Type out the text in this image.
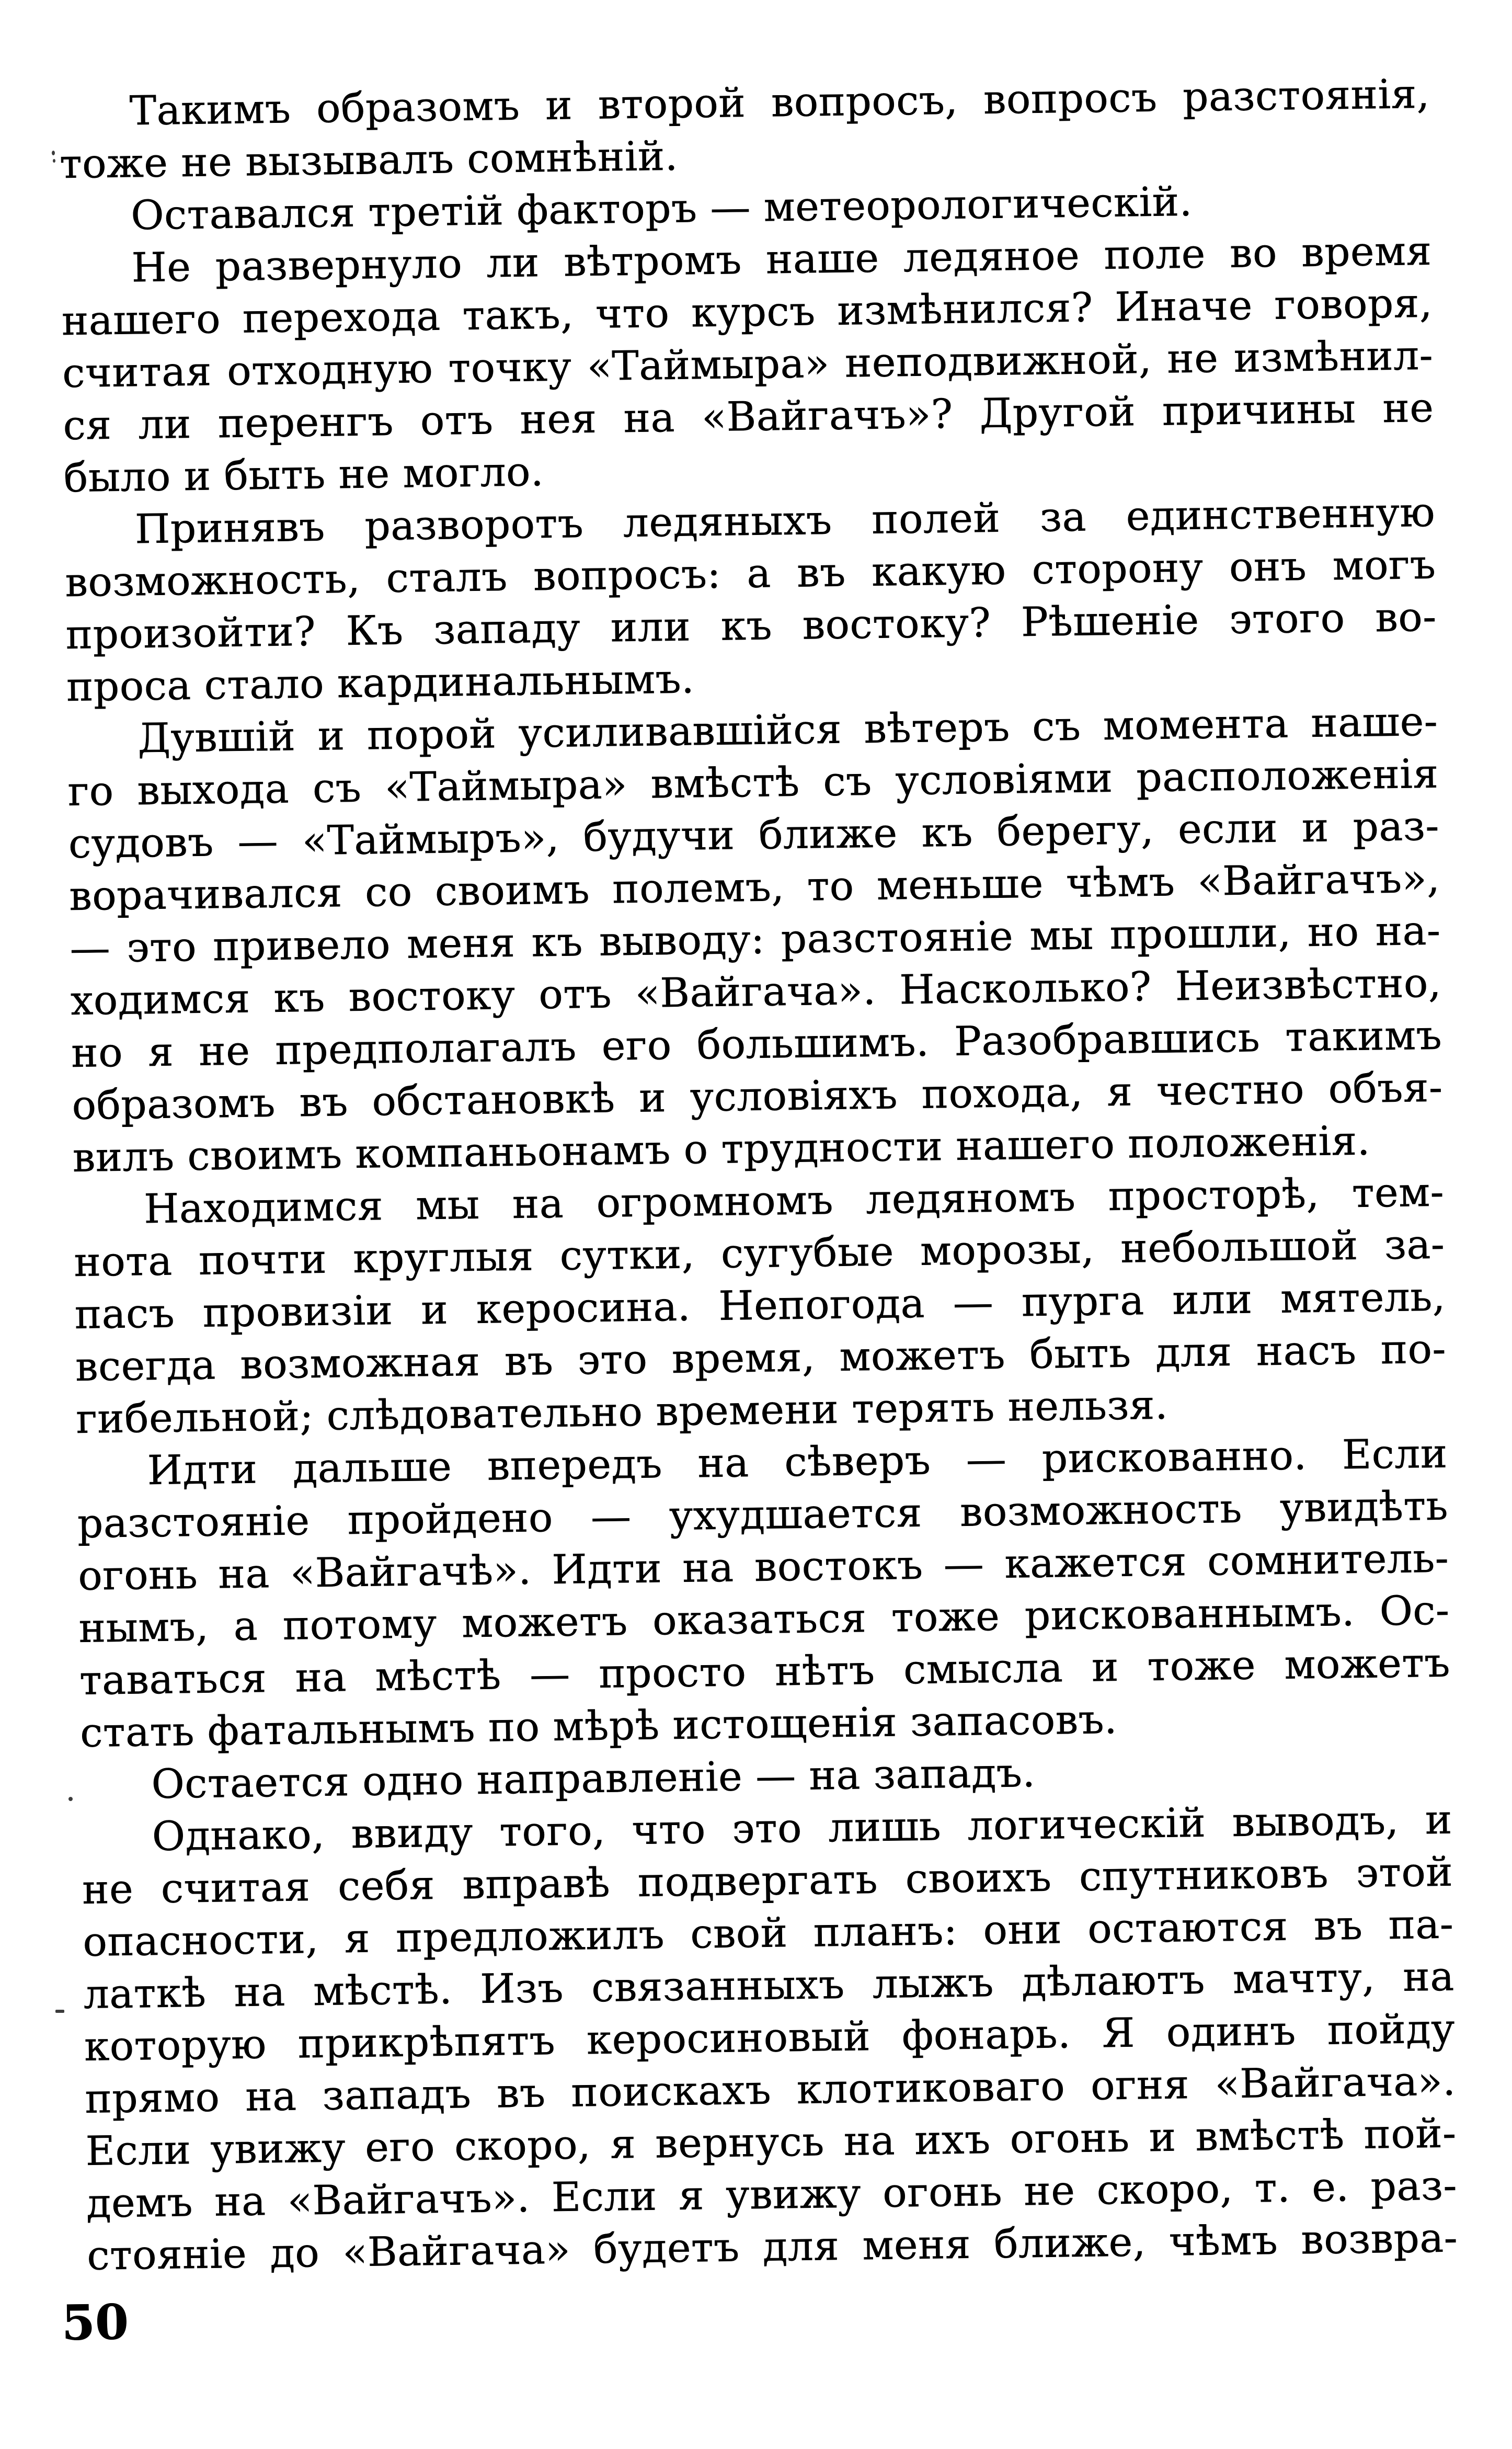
Такимъ образомъ и второй вопросъ, вопросъ разстоянія,
тоже не вызывалъ сомнѣній.
Оставался третій факторъ — метеорологическій.
Не развернуло ли вѣтромъ наше ледяное поле во время
нашего перехода такъ, что курсъ измѣнился? Иначе говоря,
считая отходную точку «Таймыра» неподвижной, не измѣнил-
ся ли перенгъ отъ нея на «Вайгачъ»? Другой причины не
было и быть не могло.
Принявъ разворотъ ледяныхъ полей за единственную
возможность, сталъ вопросъ: а въ какую сторону онъ могъ
произойти? Къ западу или къ востоку? Рѣшеніе этого во-
проса стало кардинальнымъ.
Дувшій и порой усиливавшійся вѣтеръ съ момента наше-
го выхода съ «Таймыра» вмѣстѣ съ условіями расположенія
судовъ — «Таймыръ», будучи ближе къ берегу, если и раз-
ворачивался со своимъ полемъ, то меньше чѣмъ «Вайгачъ»,
— это привело меня къ выводу: разстояніе мы прошли, но на-
ходимся къ востоку отъ «Вайгача». Насколько? Неизвѣстно,
но я не предполагалъ его большимъ. Разобравшись такимъ
образомъ въ обстановкѣ и условіяхъ похода, я честно объя-
вилъ своимъ компаньонамъ о трудности нашего положенія.
Находимся мы на огромномъ ледяномъ просторѣ, тем-
нота почти круглыя сутки, сугубые морозы, небольшой за-
пасъ провизіи и керосина. Непогода — пурга или мятель,
всегда возможная въ это время, можетъ быть для насъ по-
гибельной; слѣдовательно времени терять нельзя.
Идти дальше впередъ на сѣверъ — рискованно. Если
разстояніе пройдено — ухудшается возможность увидѣть
огонь на «Вайгачѣ». Идти на востокъ — кажется сомнитель-
нымъ, а потому можетъ оказаться тоже рискованнымъ. Ос-
таваться на мѣстѣ — просто нѣтъ смысла и тоже можетъ
стать фатальнымъ по мѣрѣ истощенія запасовъ.
Остается одно направленіе — на западъ.
Однако, ввиду того, что это лишь логическій выводъ, и
не считая себя вправѣ подвергать своихъ спутниковъ этой
опасности, я предложилъ свой планъ: они остаются въ па-
латкѣ на мѣстѣ. Изъ связанныхъ лыжъ дѣлаютъ мачту, на
которую прикрѣпятъ керосиновый фонарь. Я одинъ пойду
прямо на западъ въ поискахъ клотиковаго огня «Вайгача».
Если увижу его скоро, я вернусь на ихъ огонь и вмѣстѣ пой-
демъ на «Вайгачъ». Если я увижу огонь не скоро, т. е. раз-
стояніе до «Вайгача» будетъ для меня ближе, чѣмъ возвра-
50
